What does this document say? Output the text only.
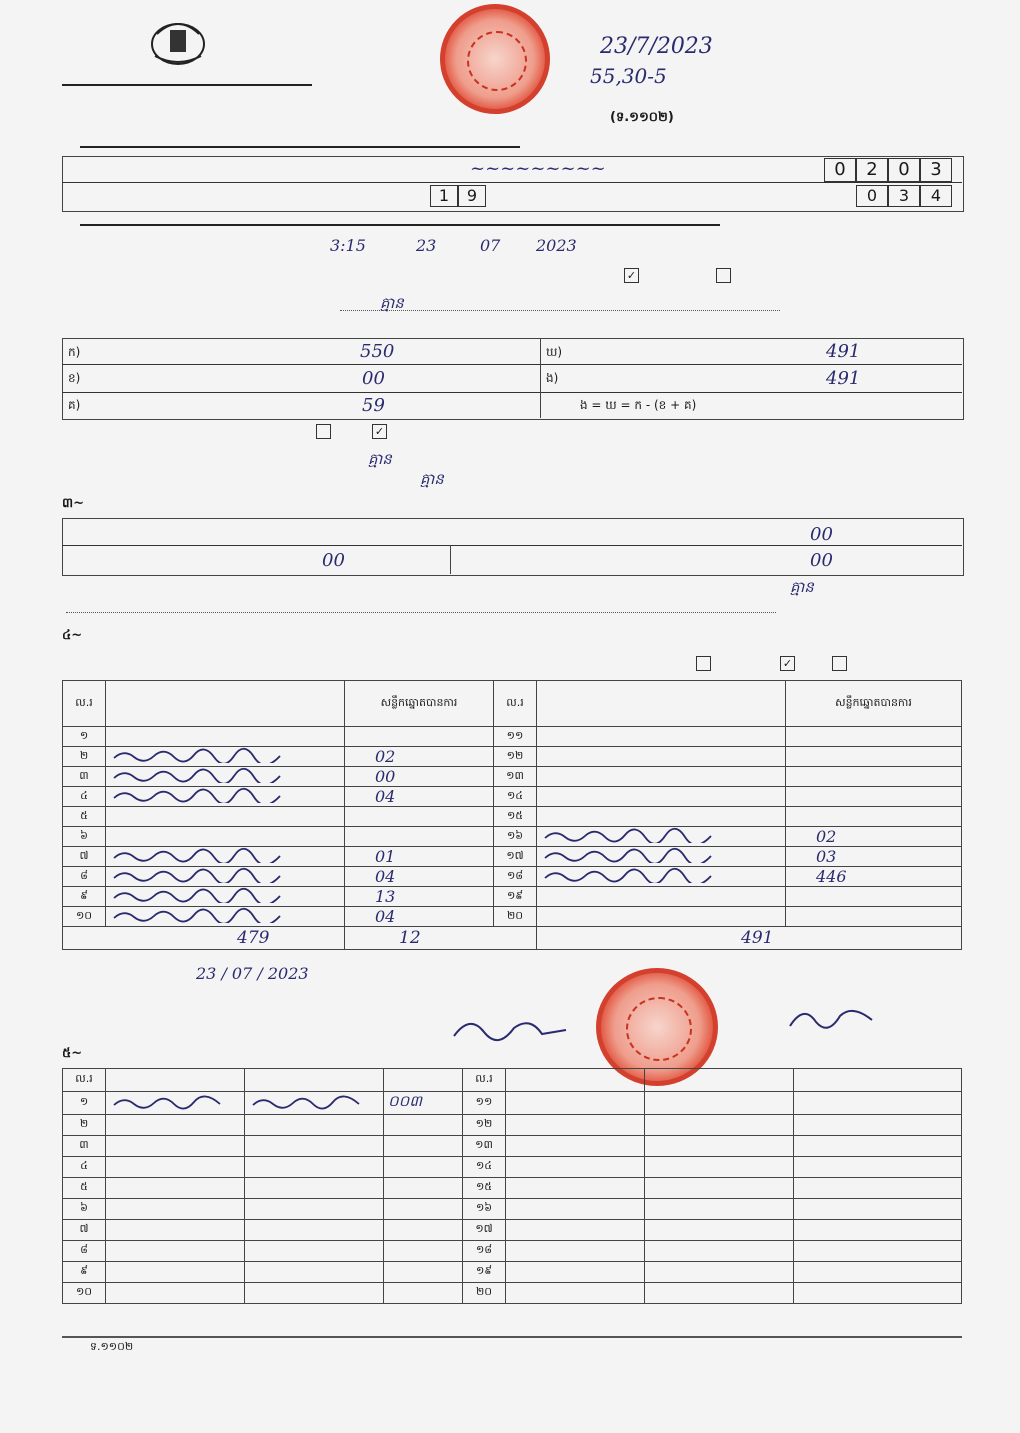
23/7/2023
55,30-5
(ទ.១១០២)
~~~~~~~~~	0	2	0	3
1	9	0	3	4
3:15	23	07 2023
✓
គ្មាន
ក)	550
ខ)	00
គ)	59
ឃ)	491
ង)	491
ង = ឃ = ក - (ខ + គ)
✓
គ្មាន
គ្មាន
៣~
00
00	00
គ្មាន
៤~
✓
ល.រ		សន្លឹកឆ្នោតបានការ	ល.រ		សន្លឹកឆ្នោតបានការ
១			១១		
២		02	១២		
៣		00	១៣		
៤		04	១៤		
៥			១៥		
៦			១៦		02
៧		01	១៧		03
៨		04	១៨		446
៩		13	១៩		
១០		04	២០		
479		12		491	
23 / 07 / 2023
៥~
ល.រ				ល.រ			
១			០០៣	១១			
២				១២			
៣				១៣			
៤				១៤			
៥				១៥			
៦				១៦			
៧				១៧			
៨				១៨			
៩				១៩			
១០				២០			
ទ.១១០២
